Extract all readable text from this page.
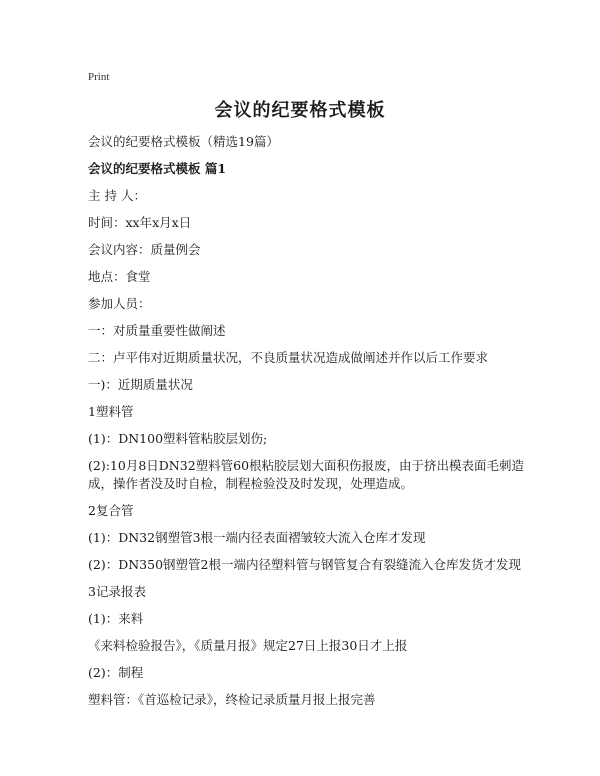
Print
会议的纪要格式模板
会议的纪要格式模板（精选19篇）
会议的纪要格式模板 篇1
主 持 人：
时间：xx年x月x日
会议内容：质量例会
地点：食堂
参加人员：
一：对质量重要性做阐述
二：卢平伟对近期质量状况，不良质量状况造成做阐述并作以后工作要求
一)：近期质量状况
1塑料管
(1)：DN100塑料管粘胶层划伤;
(2):10月8日DN32塑料管60根粘胶层划大面积伤报废，由于挤出模表面毛刺造成，操作者没及时自检，制程检验没及时发现，处理造成。
2复合管
(1)：DN32钢塑管3根一端内径表面褶皱较大流入仓库才发现
(2)：DN350钢塑管2根一端内径塑料管与钢管复合有裂缝流入仓库发货才发现
3记录报表
(1)：来料
《来料检验报告》，《质量月报》规定27日上报30日才上报
(2)：制程
塑料管：《首巡检记录》，终检记录质量月报上报完善
